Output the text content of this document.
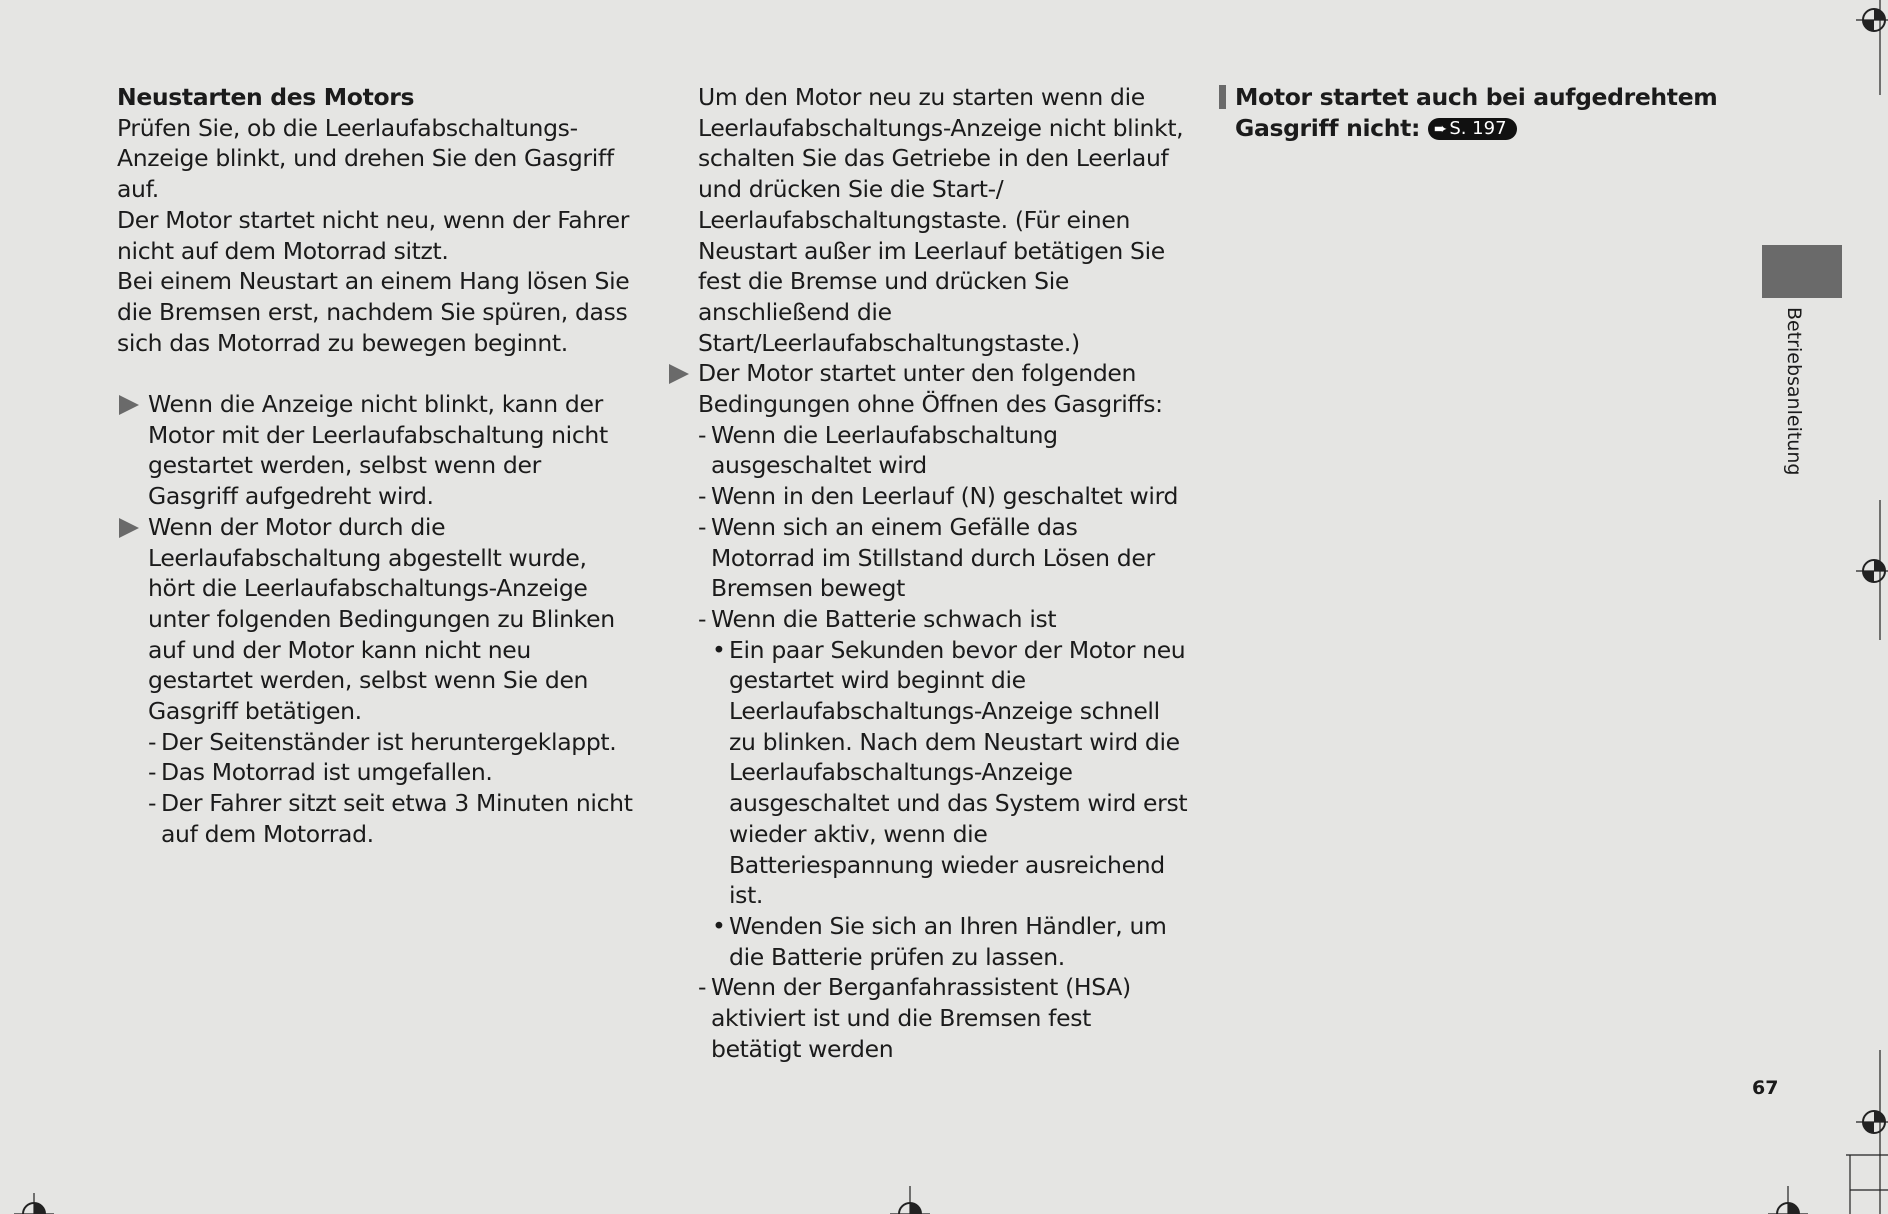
Neustarten des Motors

Prüfen Sie, ob die Leerlaufabschaltungs-Anzeige blinkt, und drehen Sie den Gasgriff auf.

Der Motor startet nicht neu, wenn der Fahrer nicht auf dem Motorrad sitzt.

Bei einem Neustart an einem Hang lösen Sie die Bremsen erst, nachdem Sie spüren, dass sich das Motorrad zu bewegen beginnt.

Wenn die Anzeige nicht blinkt, kann der Motor mit der Leerlaufabschaltung nicht gestartet werden, selbst wenn der Gasgriff aufgedreht wird.

Wenn der Motor durch die Leerlaufabschaltung abgestellt wurde, hört die Leerlaufabschaltungs-Anzeige unter folgenden Bedingungen zu Blinken auf und der Motor kann nicht neu gestartet werden, selbst wenn Sie den Gasgriff betätigen.

- Der Seitenständer ist heruntergeklappt.

- Das Motorrad ist umgefallen.

- Der Fahrer sitzt seit etwa 3 Minuten nicht auf dem Motorrad.

Um den Motor neu zu starten wenn die Leerlaufabschaltungs-Anzeige nicht blinkt, schalten Sie das Getriebe in den Leerlauf und drücken Sie die Start-/ Leerlaufabschaltungstaste. (Für einen Neustart außer im Leerlauf betätigen Sie fest die Bremse und drücken Sie anschließend die Start/Leerlaufabschaltungstaste.)

Der Motor startet unter den folgenden Bedingungen ohne Öffnen des Gasgriffs:

- Wenn die Leerlaufabschaltung ausgeschaltet wird

- Wenn in den Leerlauf (N) geschaltet wird

- Wenn sich an einem Gefälle das Motorrad im Stillstand durch Lösen der Bremsen bewegt

- Wenn die Batterie schwach ist

• Ein paar Sekunden bevor der Motor neu gestartet wird beginnt die Leerlaufabschaltungs-Anzeige schnell zu blinken. Nach dem Neustart wird die Leerlaufabschaltungs-Anzeige ausgeschaltet und das System wird erst wieder aktiv, wenn die Batteriespannung wieder ausreichend ist.

• Wenden Sie sich an Ihren Händler, um die Batterie prüfen zu lassen.

- Wenn der Berganfahrassistent (HSA) aktiviert ist und die Bremsen fest betätigt werden

Motor startet auch bei aufgedrehtem Gasgriff nicht: ➨ S. 197
Betriebsanleitung
67
